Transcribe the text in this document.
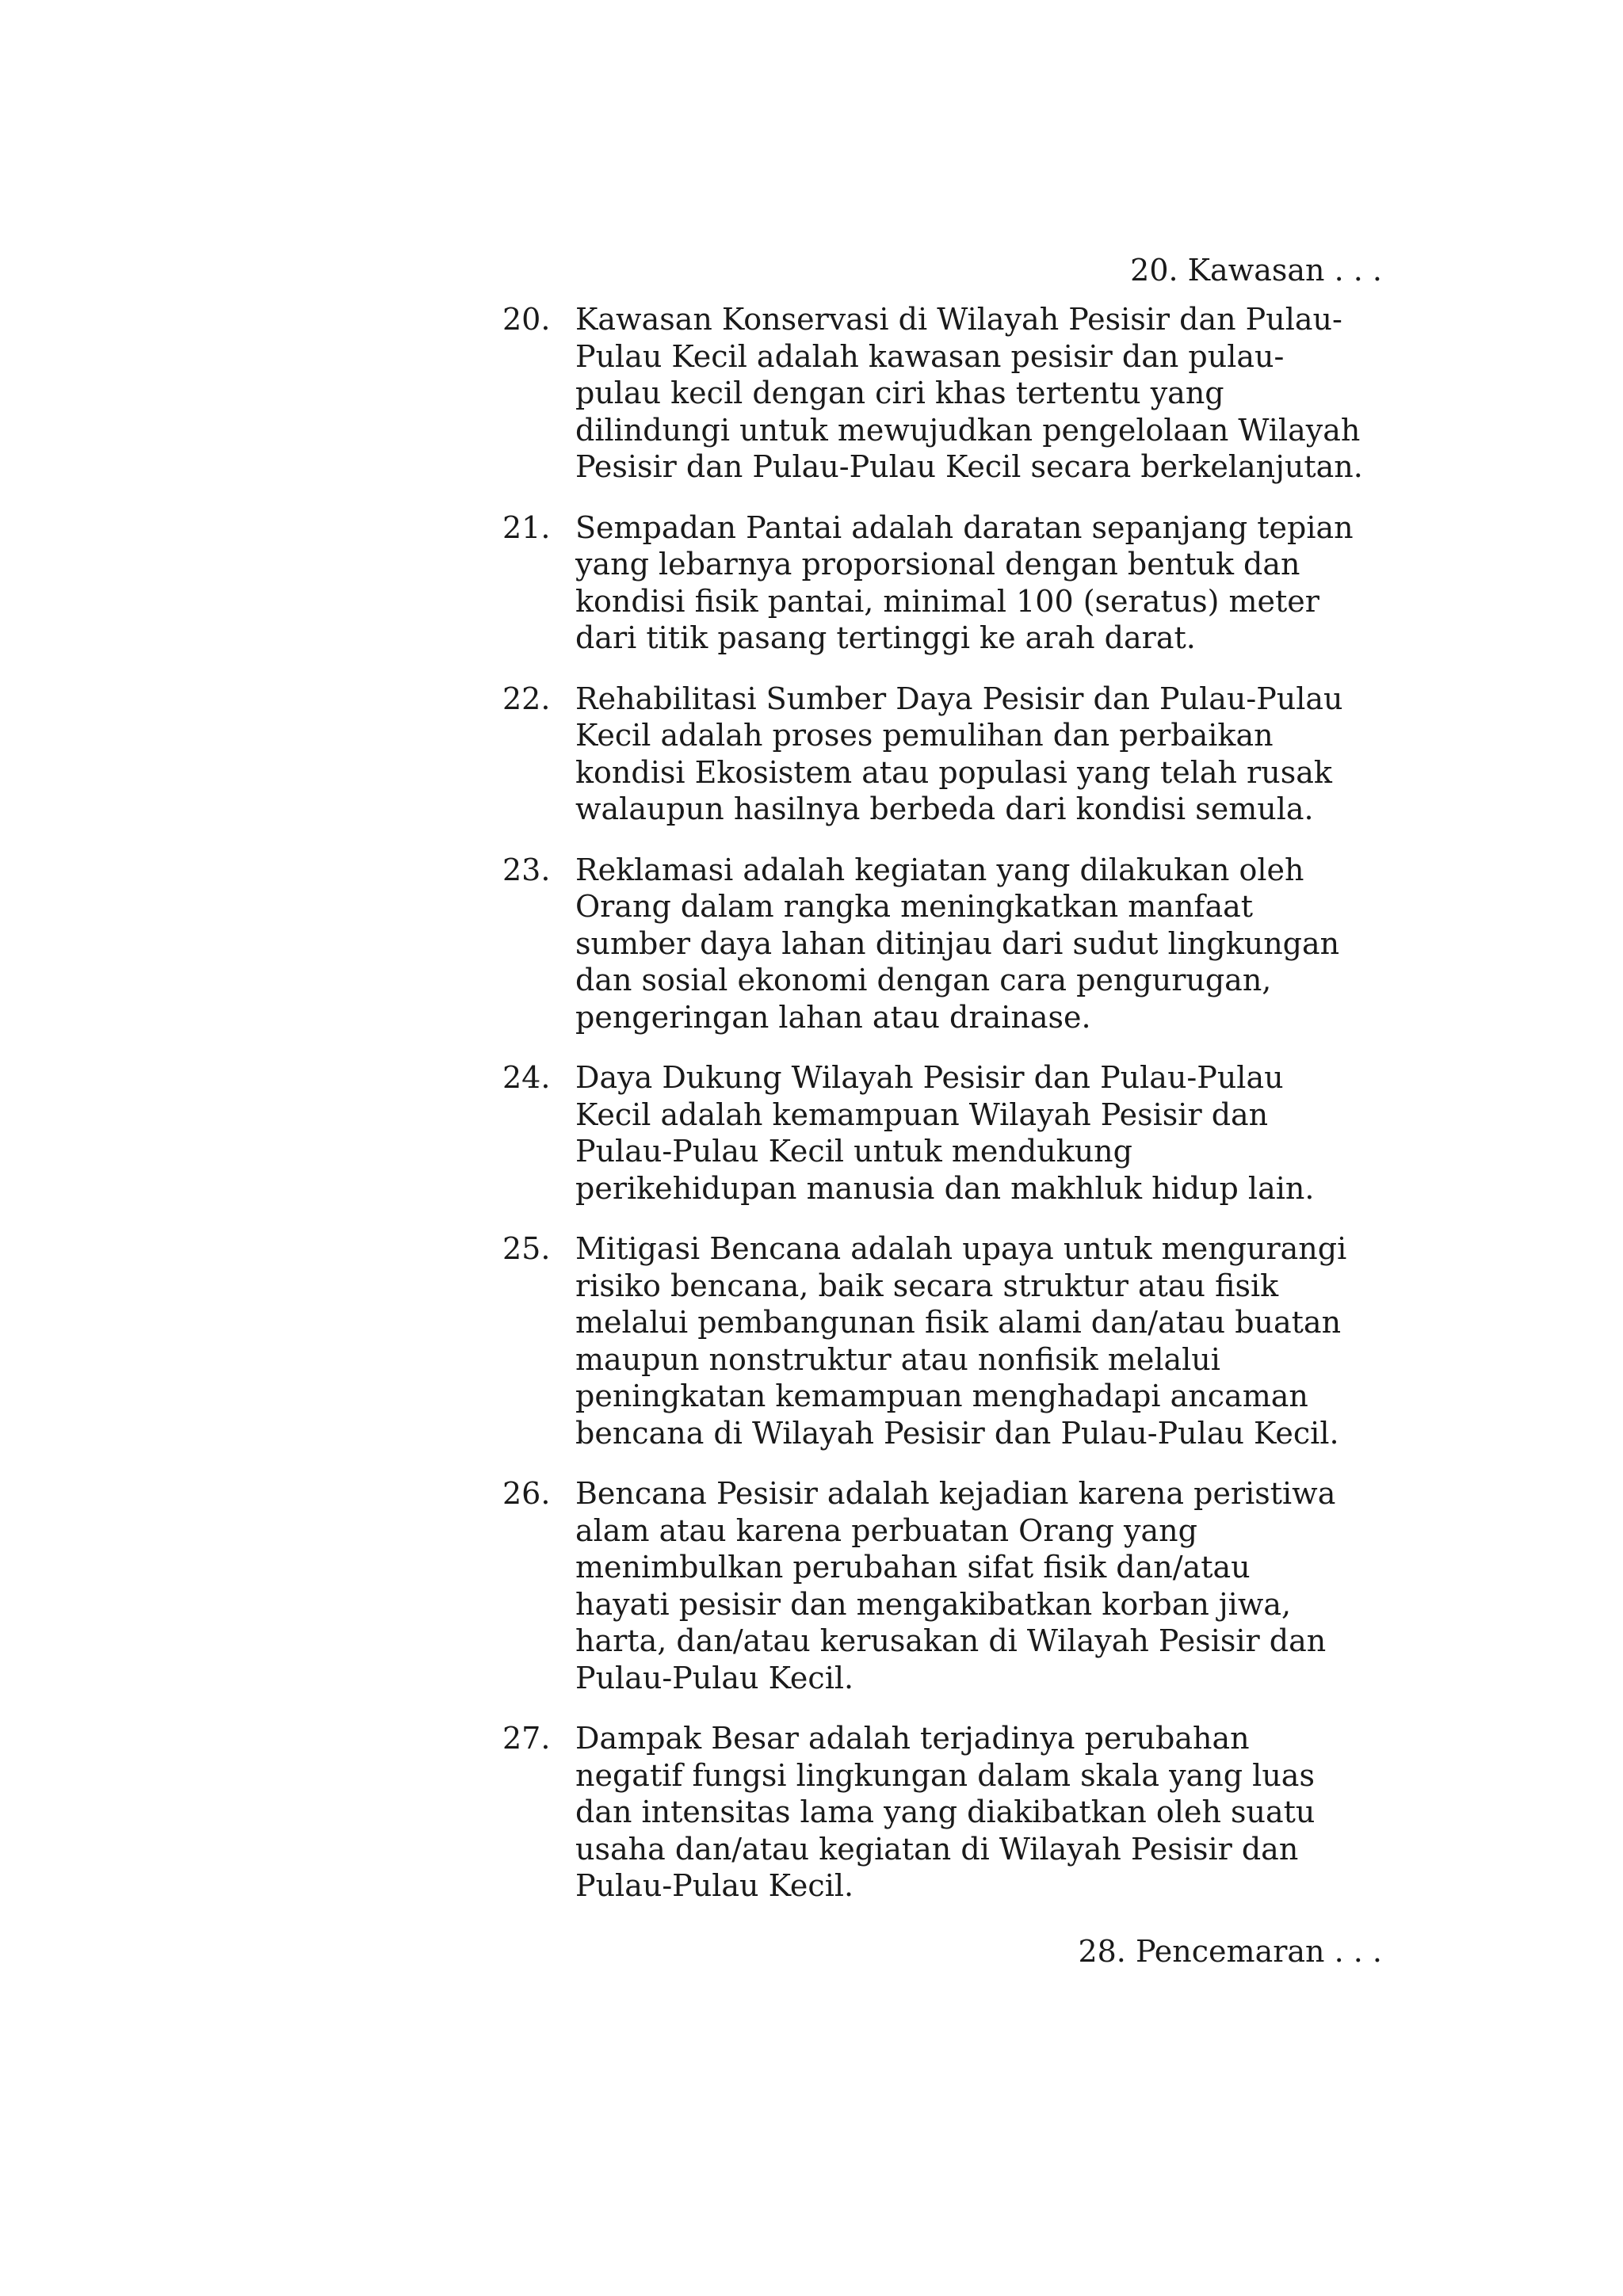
20. Kawasan . . .
20. Kawasan Konservasi di Wilayah Pesisir dan Pulau-
Pulau Kecil adalah kawasan pesisir dan pulau-
pulau kecil dengan ciri khas tertentu yang
dilindungi untuk mewujudkan pengelolaan Wilayah
Pesisir dan Pulau-Pulau Kecil secara berkelanjutan.
21. Sempadan Pantai adalah daratan sepanjang tepian
yang lebarnya proporsional dengan bentuk dan
kondisi fisik pantai, minimal 100 (seratus) meter
dari titik pasang tertinggi ke arah darat.
22. Rehabilitasi Sumber Daya Pesisir dan Pulau-Pulau
Kecil adalah proses pemulihan dan perbaikan
kondisi Ekosistem atau populasi yang telah rusak
walaupun hasilnya berbeda dari kondisi semula.
23. Reklamasi adalah kegiatan yang dilakukan oleh
Orang dalam rangka meningkatkan manfaat
sumber daya lahan ditinjau dari sudut lingkungan
dan sosial ekonomi dengan cara pengurugan,
pengeringan lahan atau drainase.
24. Daya Dukung Wilayah Pesisir dan Pulau-Pulau
Kecil adalah kemampuan Wilayah Pesisir dan
Pulau-Pulau Kecil untuk mendukung
perikehidupan manusia dan makhluk hidup lain.
25. Mitigasi Bencana adalah upaya untuk mengurangi
risiko bencana, baik secara struktur atau fisik
melalui pembangunan fisik alami dan/atau buatan
maupun nonstruktur atau nonfisik melalui
peningkatan kemampuan menghadapi ancaman
bencana di Wilayah Pesisir dan Pulau-Pulau Kecil.
26. Bencana Pesisir adalah kejadian karena peristiwa
alam atau karena perbuatan Orang yang
menimbulkan perubahan sifat fisik dan/atau
hayati pesisir dan mengakibatkan korban jiwa,
harta, dan/atau kerusakan di Wilayah Pesisir dan
Pulau-Pulau Kecil.
27. Dampak Besar adalah terjadinya perubahan
negatif fungsi lingkungan dalam skala yang luas
dan intensitas lama yang diakibatkan oleh suatu
usaha dan/atau kegiatan di Wilayah Pesisir dan
Pulau-Pulau Kecil.
28. Pencemaran . . .
